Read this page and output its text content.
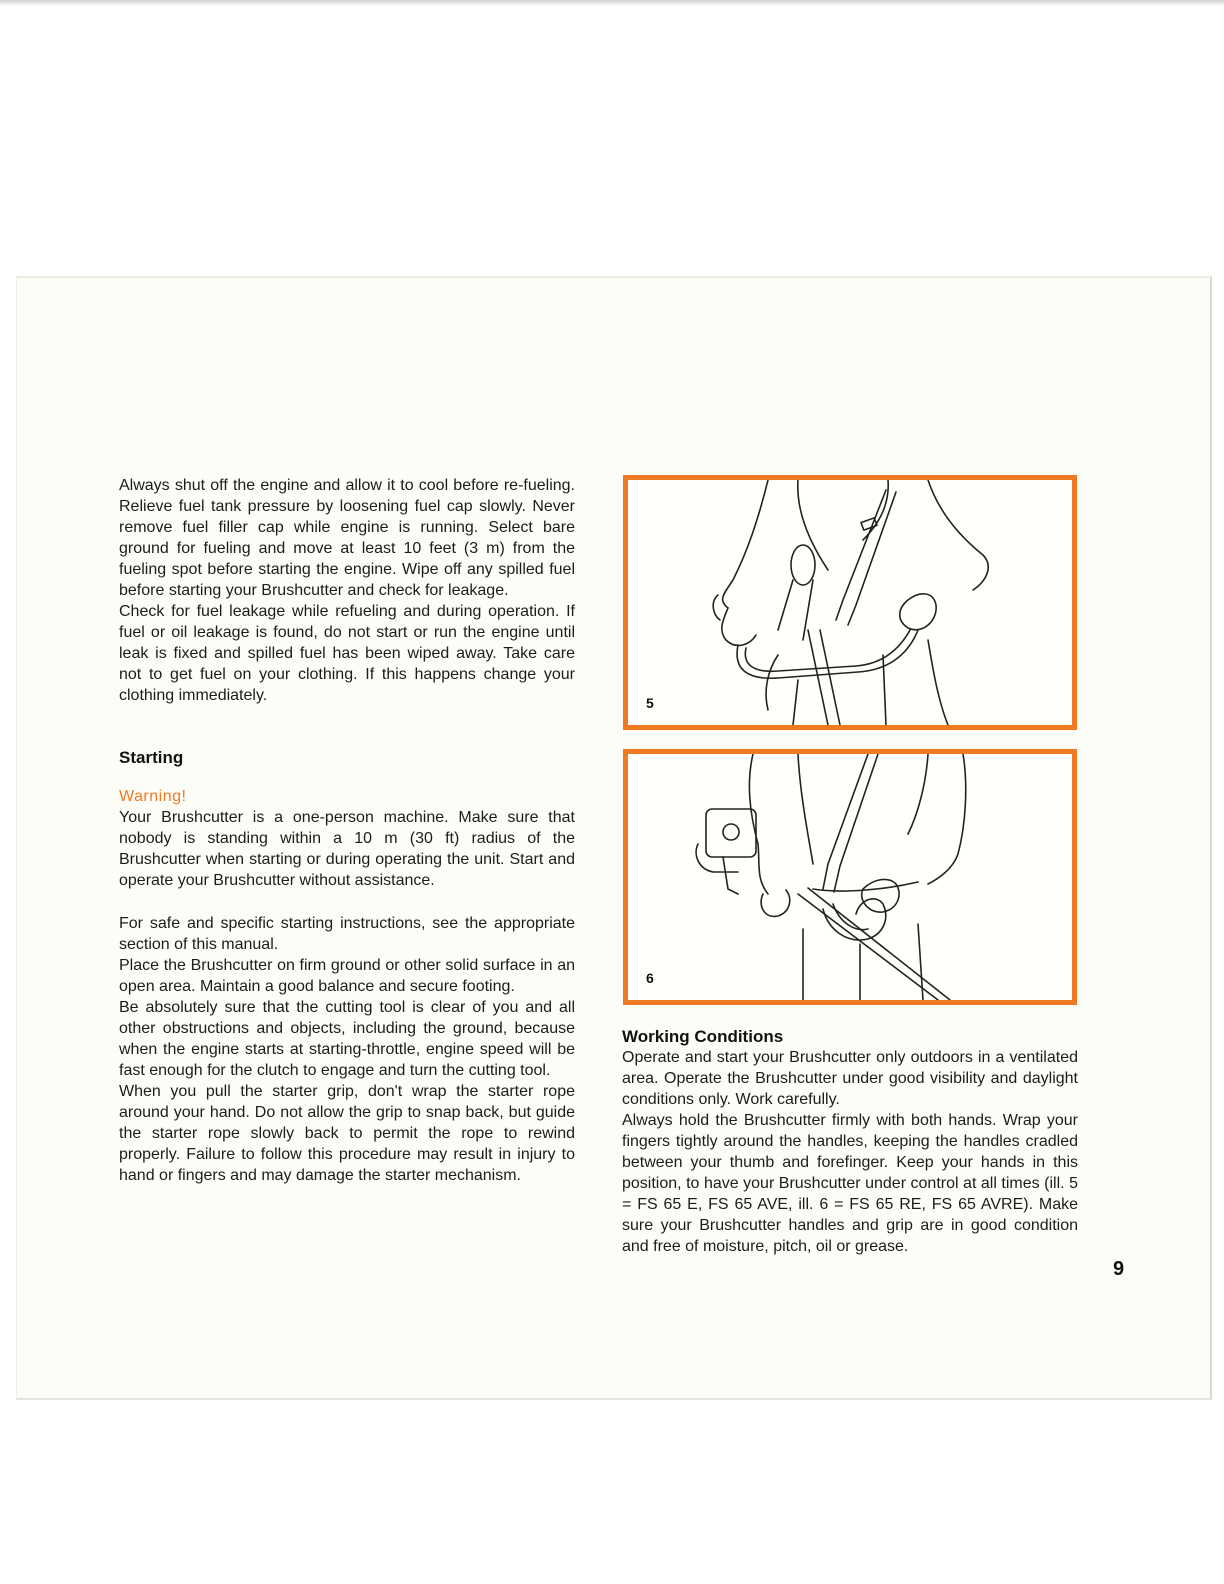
Always shut off the engine and allow it to cool before re-fueling. Relieve fuel tank pressure by loosening fuel cap slowly. Never remove fuel filler cap while engine is running. Select bare ground for fueling and move at least 10 feet (3 m) from the fueling spot before starting the engine. Wipe off any spilled fuel before starting your Brushcutter and check for leakage.

Check for fuel leakage while refueling and during operation. If fuel or oil leakage is found, do not start or run the engine until leak is fixed and spilled fuel has been wiped away. Take care not to get fuel on your clothing. If this happens change your clothing immediately.

Starting
Warning!

Your Brushcutter is a one-person machine. Make sure that nobody is standing within a 10 m (30 ft) radius of the Brushcutter when starting or during operating the unit. Start and operate your Brushcutter without assistance.

For safe and specific starting instructions, see the appropriate section of this manual.

Place the Brushcutter on firm ground or other solid surface in an open area. Maintain a good balance and secure footing.

Be absolutely sure that the cutting tool is clear of you and all other obstructions and objects, including the ground, because when the engine starts at starting-throttle, engine speed will be fast enough for the clutch to engage and turn the cutting tool.

When you pull the starter grip, don't wrap the starter rope around your hand. Do not allow the grip to snap back, but guide the starter rope slowly back to permit the rope to rewind properly. Failure to follow this procedure may result in injury to hand or fingers and may damage the starter mechanism.

5
6
Working Conditions

Operate and start your Brushcutter only outdoors in a ventilated area. Operate the Brushcutter under good visibility and daylight conditions only. Work carefully.

Always hold the Brushcutter firmly with both hands. Wrap your fingers tightly around the handles, keeping the handles cradled between your thumb and forefinger. Keep your hands in this position, to have your Brushcutter under control at all times (ill. 5 = FS 65 E, FS 65 AVE, ill. 6 = FS 65 RE, FS 65 AVRE). Make sure your Brushcutter handles and grip are in good condition and free of moisture, pitch, oil or grease.

9
